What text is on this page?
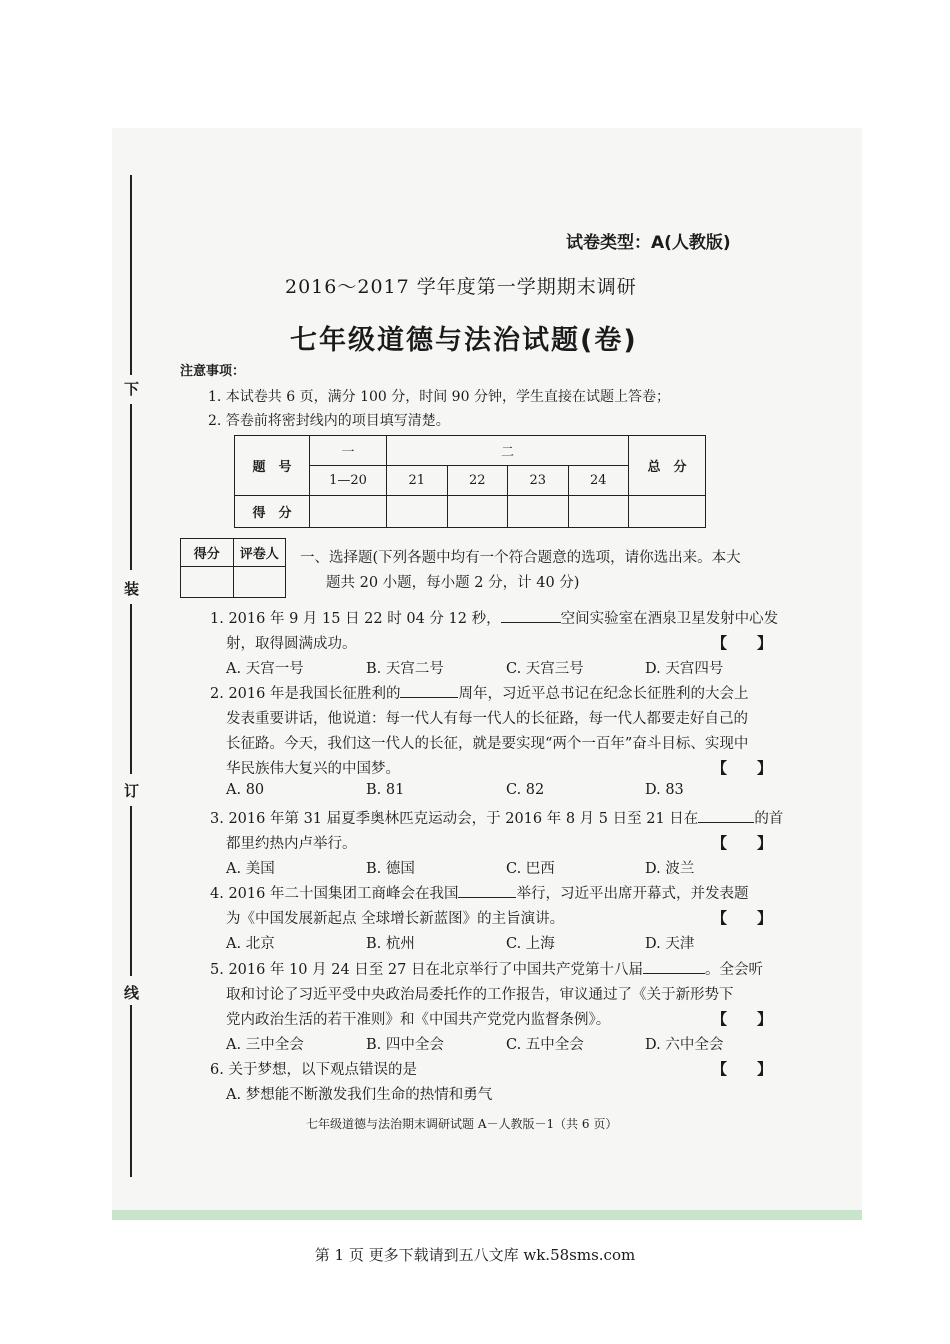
下
装
订
线
试卷类型：A(人教版)
2016～2017 学年度第一学期期末调研
七年级道德与法治试题(卷)
注意事项：
1. 本试卷共 6 页，满分 100 分，时间 90 分钟，学生直接在试题上答卷；
2. 答卷前将密封线内的项目填写清楚。
题　号	一	二				总　分
	1—20	21	22	23	24	
得　分						
得分	评卷人
	一、选择题(下列各题中均有一个符合题意的选项，请你选出来。本大
题共 20 小题，每小题 2 分，计 40 分)
1. 2016 年 9 月 15 日 22 时 04 分 12 秒，	空间实验室在酒泉卫星发射中心发
射，取得圆满成功。	【　　】
A. 天宫一号	B. 天宫二号	C. 天宫三号	D. 天宫四号
2. 2016 年是我国长征胜利的	周年，习近平总书记在纪念长征胜利的大会上
发表重要讲话，他说道：每一代人有每一代人的长征路，每一代人都要走好自己的
长征路。今天，我们这一代人的长征，就是要实现“两个一百年”奋斗目标、实现中
华民族伟大复兴的中国梦。	【　　】
A. 80	B. 81	C. 82	D. 83
3. 2016 年第 31 届夏季奥林匹克运动会，于 2016 年 8 月 5 日至 21 日在	的首
都里约热内卢举行。	【　　】
A. 美国	B. 德国	C. 巴西	D. 波兰
4. 2016 年二十国集团工商峰会在我国	举行，习近平出席开幕式，并发表题
为《中国发展新起点 全球增长新蓝图》的主旨演讲。	【　　】
A. 北京	B. 杭州	C. 上海	D. 天津
5. 2016 年 10 月 24 日至 27 日在北京举行了中国共产党第十八届	。全会听
取和讨论了习近平受中央政治局委托作的工作报告，审议通过了《关于新形势下
党内政治生活的若干准则》和《中国共产党党内监督条例》。	【　　】
A. 三中全会	B. 四中全会	C. 五中全会	D. 六中全会
6. 关于梦想，以下观点错误的是	【　　】
A. 梦想能不断激发我们生命的热情和勇气
七年级道德与法治期末调研试题 A－人教版－1（共 6 页）
第 1 页 更多下载请到五八文库 wk.58sms.com
